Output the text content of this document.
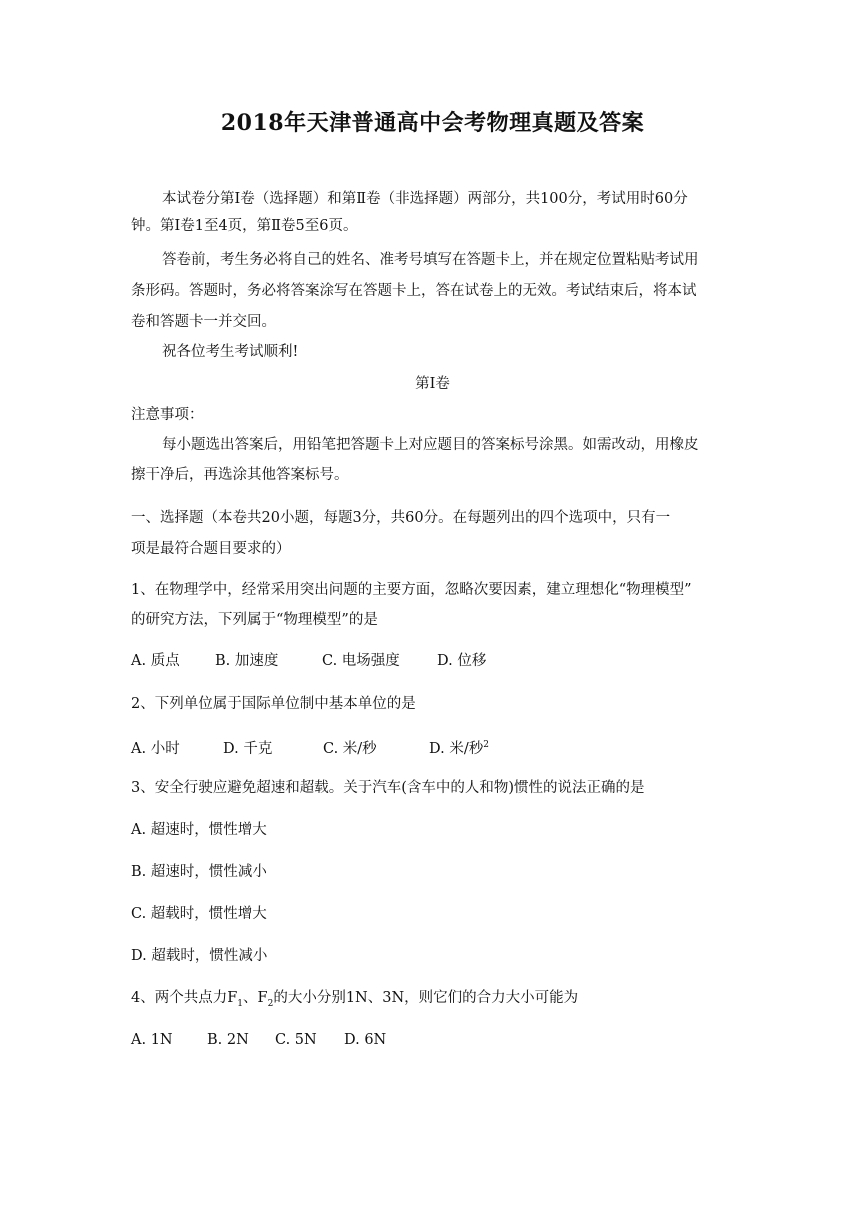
2018年天津普通高中会考物理真题及答案
本试卷分第Ⅰ卷（选择题）和第Ⅱ卷（非选择题）两部分，共100分，考试用时60分
钟。第Ⅰ卷1至4页，第Ⅱ卷5至6页。
答卷前，考生务必将自己的姓名、准考号填写在答题卡上，并在规定位置粘贴考试用
条形码。答题时，务必将答案涂写在答题卡上，答在试卷上的无效。考试结束后，将本试
卷和答题卡一并交回。
祝各位考生考试顺利!
第Ⅰ卷
注意事项：
每小题选出答案后，用铅笔把答题卡上对应题目的答案标号涂黑。如需改动，用橡皮
擦干净后，再选涂其他答案标号。
一、选择题（本卷共20小题，每题3分，共60分。在每题列出的四个选项中，只有一
项是最符合题目要求的）
1、在物理学中，经常采用突出问题的主要方面，忽略次要因素，建立理想化“物理模型”
的研究方法，下列属于“物理模型”的是
A. 质点 B. 加速度	C. 电场强度	D. 位移
2、下列单位属于国际单位制中基本单位的是
A. 小时	D. 千克	C. 米/秒	D. 米/秒$^2$
3、安全行驶应避免超速和超载。关于汽车(含车中的人和物)惯性的说法正确的是
A. 超速时，惯性增大
B. 超速时，惯性减小
C. 超载时，惯性增大
D. 超载时，惯性减小
4、两个共点力$F_1$、$F_2$的大小分别1N、3N，则它们的合力大小可能为
A. 1N B. 2N C. 5N D. 6N
